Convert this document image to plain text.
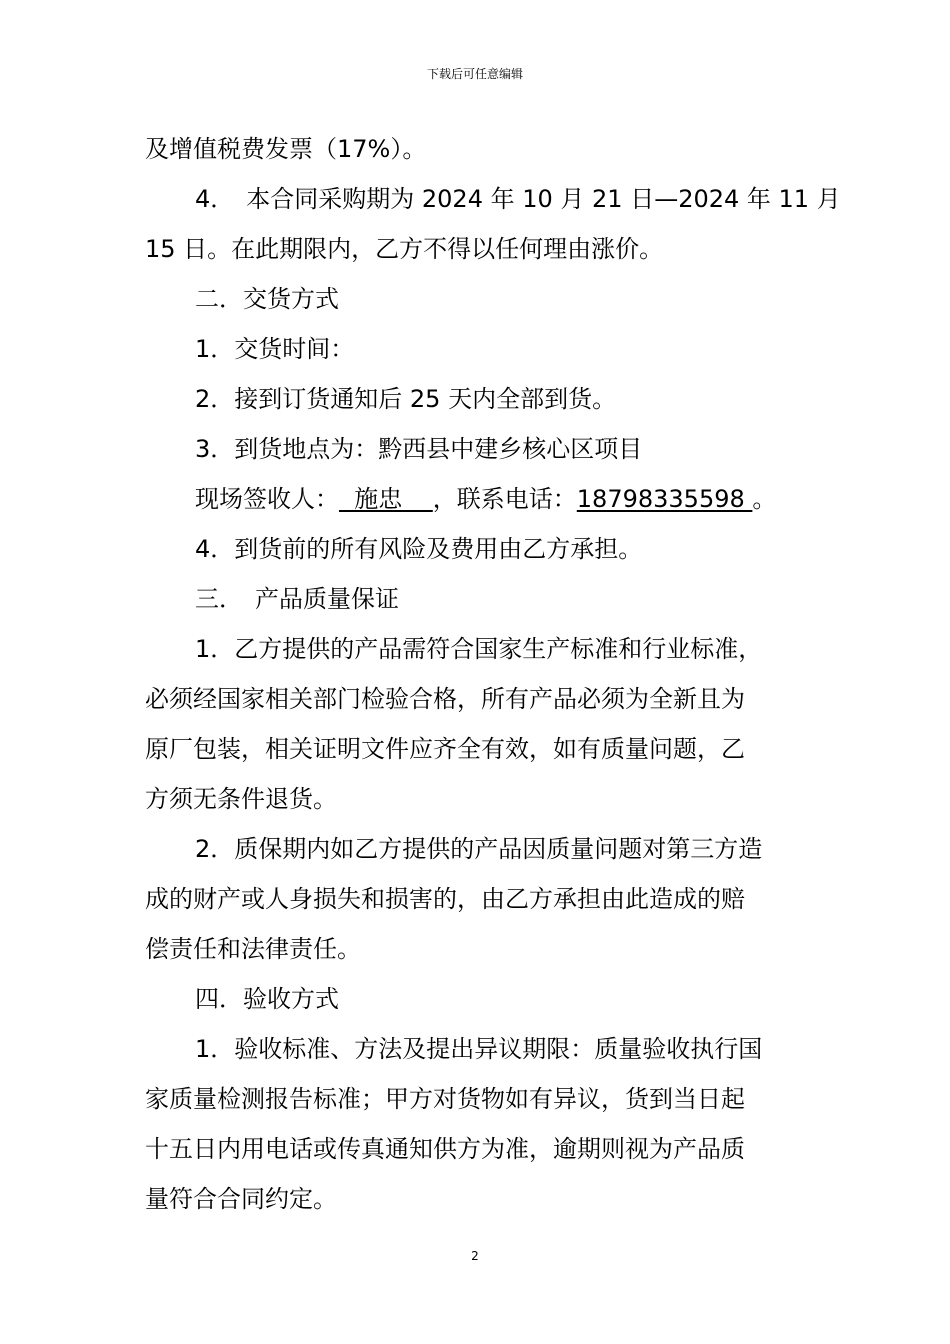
下载后可任意编辑
及增值税费发票（17%）。
4．　本合同采购期为 2024 年 10 月 21 日—2024 年 11 月
15 日。在此期限内，乙方不得以任何理由涨价。
二．交货方式
1．交货时间：
2．接到订货通知后 25 天内全部到货。
3．到货地点为：黔西县中建乡核心区项目
现场签收人：  施忠    ，联系电话：18798335598 。
4．到货前的所有风险及费用由乙方承担。
三．　产品质量保证
1．乙方提供的产品需符合国家生产标准和行业标准，
必须经国家相关部门检验合格，所有产品必须为全新且为
原厂包装，相关证明文件应齐全有效，如有质量问题，乙
方须无条件退货。
2．质保期内如乙方提供的产品因质量问题对第三方造
成的财产或人身损失和损害的，由乙方承担由此造成的赔
偿责任和法律责任。
四．验收方式
1．验收标准、方法及提出异议期限：质量验收执行国
家质量检测报告标准；甲方对货物如有异议，货到当日起
十五日内用电话或传真通知供方为准，逾期则视为产品质
量符合合同约定。
2
